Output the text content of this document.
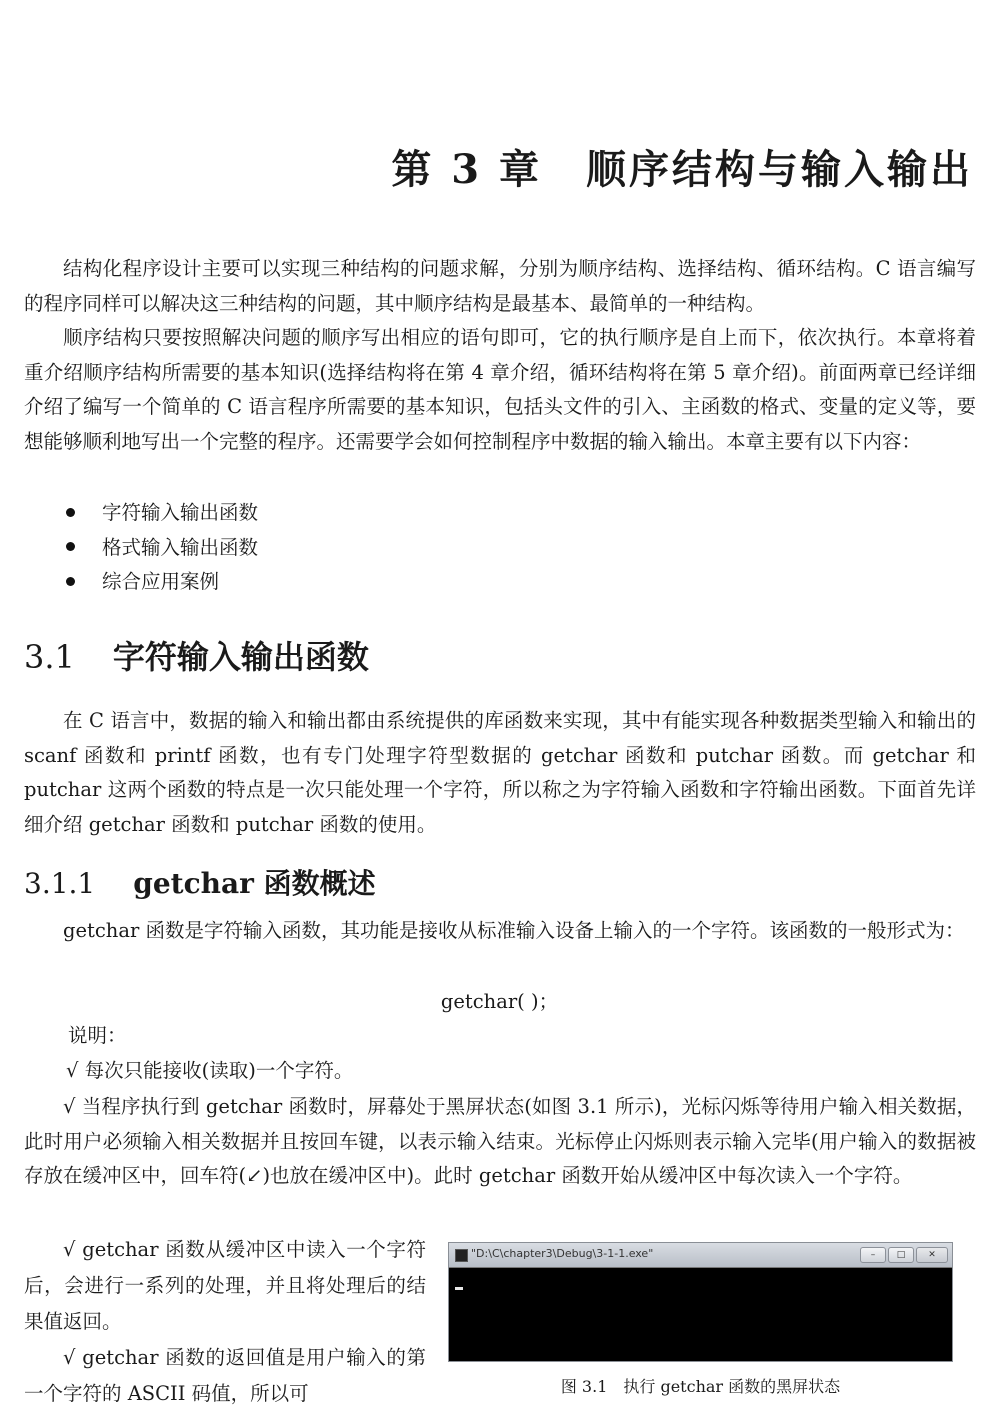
第 3 章 顺序结构与输入输出

结构化程序设计主要可以实现三种结构的问题求解，分别为顺序结构、选择结构、循环结构。C 语言编写的程序同样可以解决这三种结构的问题，其中顺序结构是最基本、最简单的一种结构。

顺序结构只要按照解决问题的顺序写出相应的语句即可，它的执行顺序是自上而下，依次执行。本章将着重介绍顺序结构所需要的基本知识(选择结构将在第 4 章介绍，循环结构将在第 5 章介绍)。前面两章已经详细介绍了编写一个简单的 C 语言程序所需要的基本知识，包括头文件的引入、主函数的格式、变量的定义等，要想能够顺利地写出一个完整的程序。还需要学会如何控制程序中数据的输入输出。本章主要有以下内容：

字符输入输出函数
格式输入输出函数
综合应用案例
3.1 字符输入输出函数

在 C 语言中，数据的输入和输出都由系统提供的库函数来实现，其中有能实现各种数据类型输入和输出的 scanf 函数和 printf 函数，也有专门处理字符型数据的 getchar 函数和 putchar 函数。而 getchar 和 putchar 这两个函数的特点是一次只能处理一个字符，所以称之为字符输入函数和字符输出函数。下面首先详细介绍 getchar 函数和 putchar 函数的使用。

3.1.1 getchar 函数概述

getchar 函数是字符输入函数，其功能是接收从标准输入设备上输入的一个字符。该函数的一般形式为：

getchar( )；

说明：

√ 每次只能接收(读取)一个字符。

√ 当程序执行到 getchar 函数时，屏幕处于黑屏状态(如图 3.1 所示)，光标闪烁等待用户输入相关数据，此时用户必须输入相关数据并且按回车键，以表示输入结束。光标停止闪烁则表示输入完毕(用户输入的数据被存放在缓冲区中，回车符(↙)也放在缓冲区中)。此时 getchar 函数开始从缓冲区中每次读入一个字符。

√ getchar 函数从缓冲区中读入一个字符后，会进行一系列的处理，并且将处理后的结果值返回。

√ getchar 函数的返回值是用户输入的第一个字符的 ASCII 码值，所以可

"D:\C\chapter3\Debug\3-1-1.exe"	–	□	✕
图 3.1　执行 getchar 函数的黑屏状态
